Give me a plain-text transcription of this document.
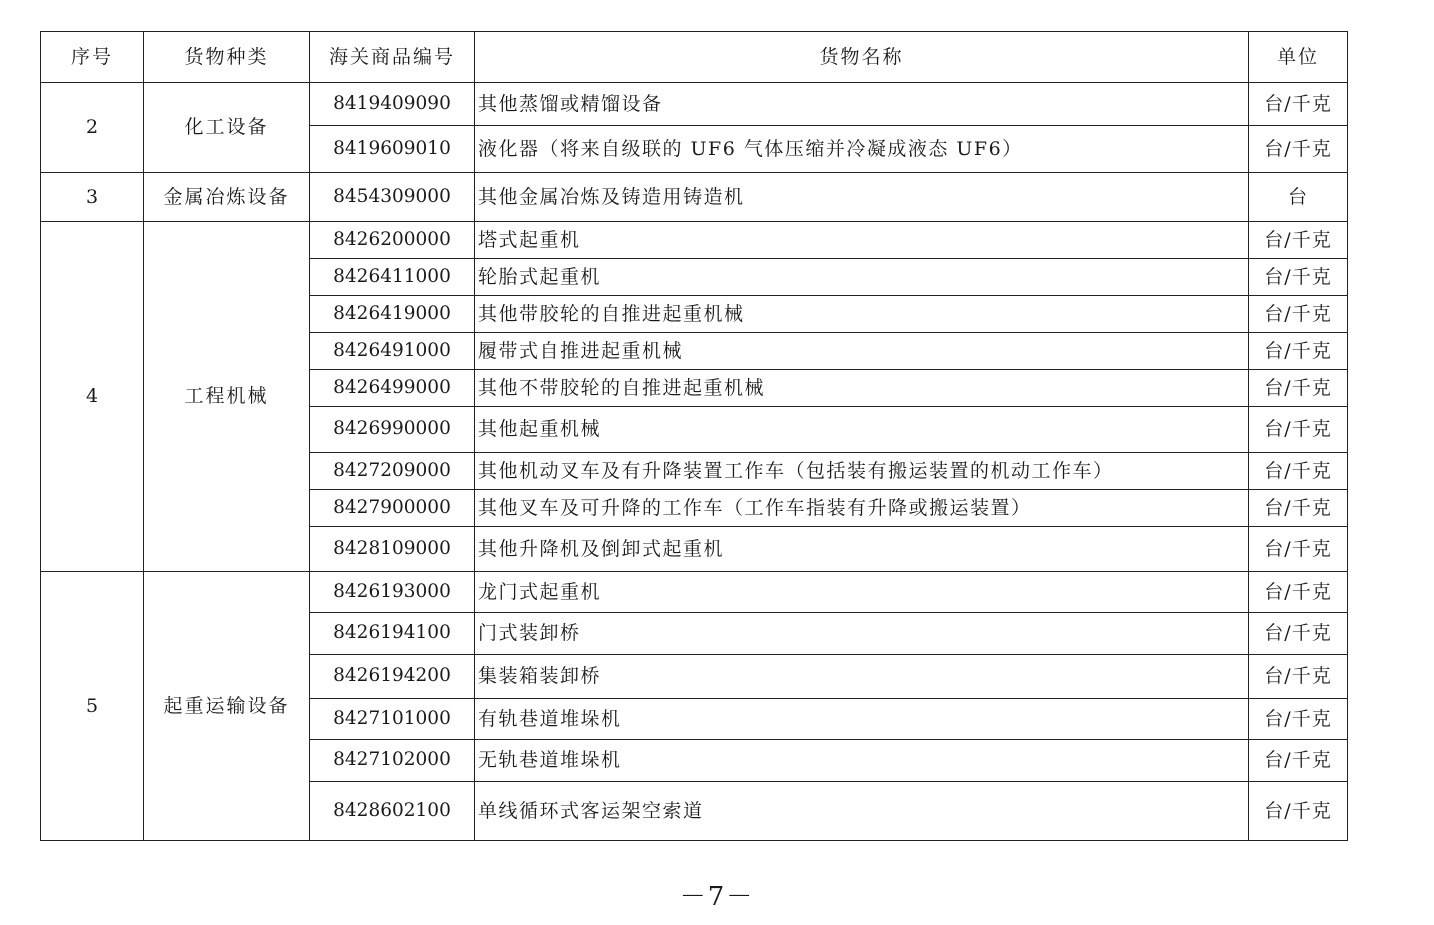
序号	货物种类	海关商品编号	货物名称	单位
2	化工设备	8419409090	其他蒸馏或精馏设备	台/千克
		8419609010	液化器（将来自级联的 UF6 气体压缩并冷凝成液态 UF6）	台/千克
3	金属冶炼设备	8454309000	其他金属冶炼及铸造用铸造机	台
4	工程机械	8426200000	塔式起重机	台/千克
		8426411000	轮胎式起重机	台/千克
		8426419000	其他带胶轮的自推进起重机械	台/千克
		8426491000	履带式自推进起重机械	台/千克
		8426499000	其他不带胶轮的自推进起重机械	台/千克
		8426990000	其他起重机械	台/千克
		8427209000	其他机动叉车及有升降装置工作车（包括装有搬运装置的机动工作车）	台/千克
		8427900000	其他叉车及可升降的工作车（工作车指装有升降或搬运装置）	台/千克
		8428109000	其他升降机及倒卸式起重机	台/千克
5	起重运输设备	8426193000	龙门式起重机	台/千克
		8426194100	门式装卸桥	台/千克
		8426194200	集装箱装卸桥	台/千克
		8427101000	有轨巷道堆垛机	台/千克
		8427102000	无轨巷道堆垛机	台/千克
		8428602100	单线循环式客运架空索道	台/千克
－7－
